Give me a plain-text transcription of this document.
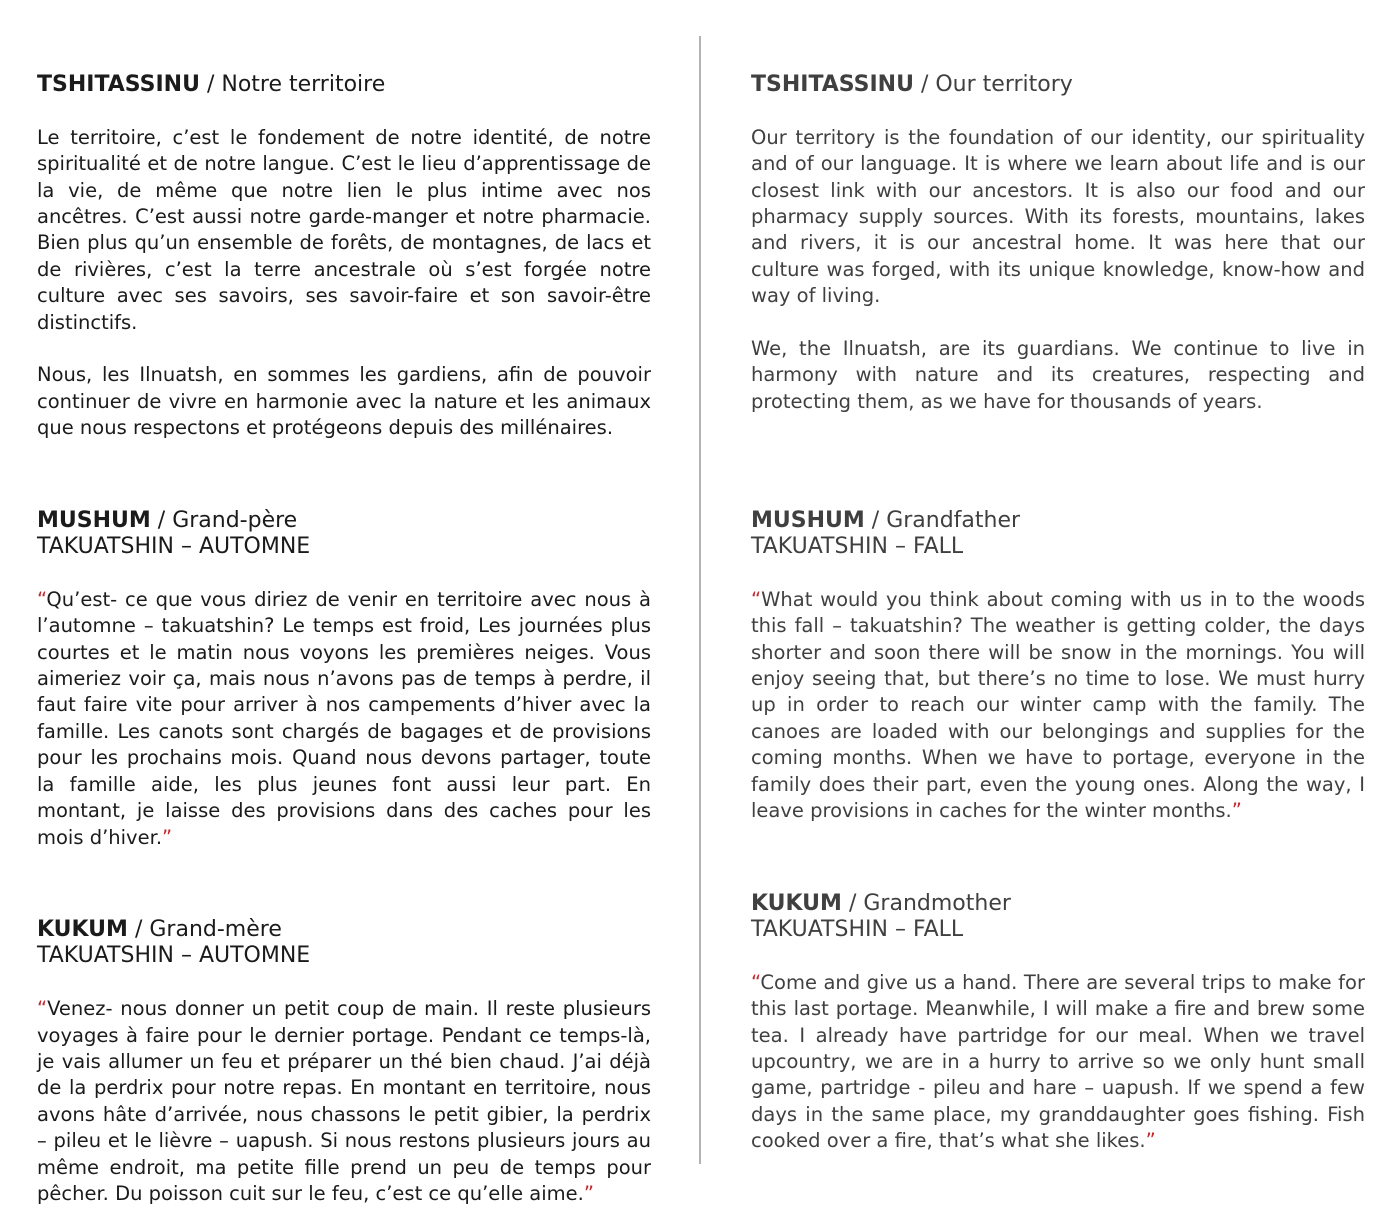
TSHITASSINU / Notre territoire

Le territoire, c’est le fondement de notre identité, de notre spiritualité et de notre langue. C’est le lieu d’apprentissage de la vie, de même que notre lien le plus intime avec nos ancêtres. C’est aussi notre garde-manger et notre pharmacie. Bien plus qu’un ensemble de forêts, de montagnes, de lacs et de rivières, c’est la terre ancestrale où s’est forgée notre culture avec ses savoirs, ses savoir-faire et son savoir-être distinctifs.

Nous, les Ilnuatsh, en sommes les gardiens, afin de pouvoir continuer de vivre en harmonie avec la nature et les animaux que nous respectons et protégeons depuis des millénaires.

MUSHUM / Grand-père
TAKUATSHIN – AUTOMNE

“Qu’est- ce que vous diriez de venir en territoire avec nous à l’automne – takuatshin? Le temps est froid, Les journées plus courtes et le matin nous voyons les premières neiges. Vous aimeriez voir ça, mais nous n’avons pas de temps à perdre, il faut faire vite pour arriver à nos campements d’hiver avec la famille. Les canots sont chargés de bagages et de provisions pour les prochains mois. Quand nous devons partager, toute la famille aide, les plus jeunes font aussi leur part. En montant, je laisse des provisions dans des caches pour les mois d’hiver.”

KUKUM / Grand-mère
TAKUATSHIN – AUTOMNE

“Venez- nous donner un petit coup de main. Il reste plusieurs voyages à faire pour le dernier portage. Pendant ce temps-là, je vais allumer un feu et préparer un thé bien chaud. J’ai déjà de la perdrix pour notre repas. En montant en territoire, nous avons hâte d’arrivée, nous chassons le petit gibier, la perdrix – pileu et le lièvre – uapush. Si nous restons plusieurs jours au même endroit, ma petite fille prend un peu de temps pour pêcher. Du poisson cuit sur le feu, c’est ce qu’elle aime.”

TSHITASSINU / Our territory

Our territory is the foundation of our identity, our spirituality and of our language. It is where we learn about life and is our closest link with our ancestors. It is also our food and our pharmacy supply sources. With its forests, mountains, lakes and rivers, it is our ancestral home. It was here that our culture was forged, with its unique knowledge, know-how and way of living.

We, the Ilnuatsh, are its guardians. We continue to live in harmony with nature and its creatures, respecting and protecting them, as we have for thousands of years.

MUSHUM / Grandfather
TAKUATSHIN – FALL

“What would you think about coming with us in to the woods this fall – takuatshin? The weather is getting colder, the days shorter and soon there will be snow in the mornings. You will enjoy seeing that, but there’s no time to lose. We must hurry up in order to reach our winter camp with the family. The canoes are loaded with our belongings and supplies for the coming months. When we have to portage, everyone in the family does their part, even the young ones. Along the way, I leave provisions in caches for the winter months.”

KUKUM / Grandmother
TAKUATSHIN – FALL

“Come and give us a hand. There are several trips to make for this last portage. Meanwhile, I will make a fire and brew some tea. I already have partridge for our meal. When we travel upcountry, we are in a hurry to arrive so we only hunt small game, partridge - pileu and hare – uapush. If we spend a few days in the same place, my granddaughter goes fishing. Fish cooked over a fire, that’s what she likes.”
